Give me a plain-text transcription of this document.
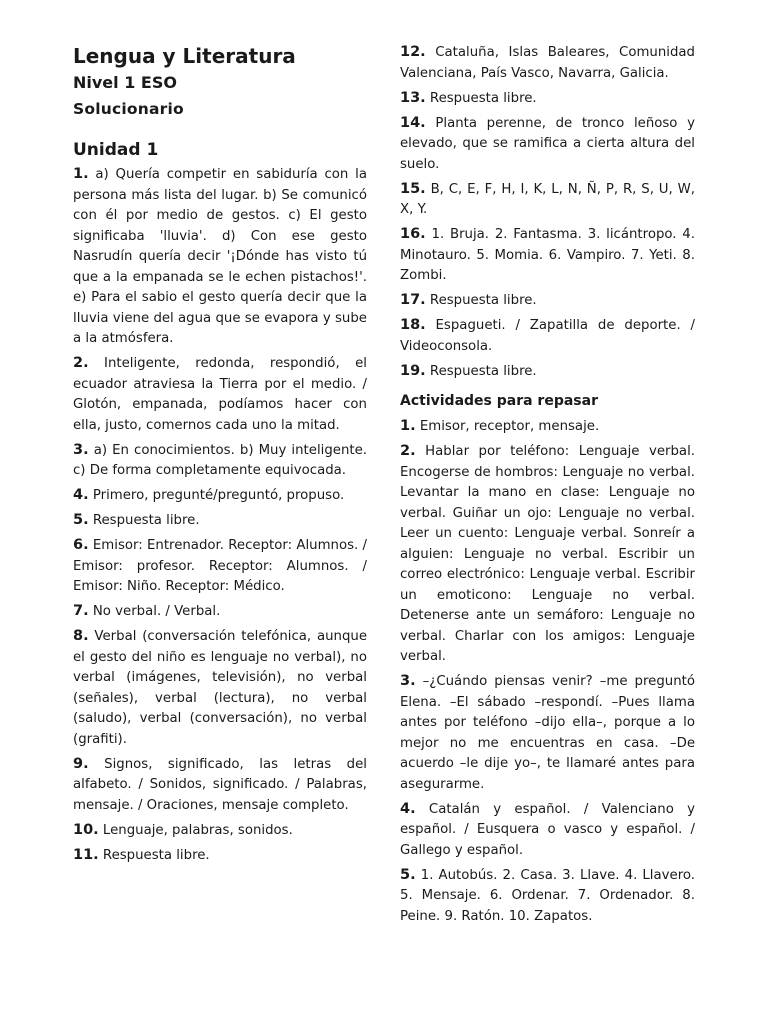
Lengua y Literatura
Nivel 1 ESO
Solucionario
Unidad 1
1. a) Quería competir en sabiduría con la persona más lista del lugar. b) Se comunicó con él por medio de gestos. c) El gesto significaba 'lluvia'. d) Con ese gesto Nasrudín quería decir '¡Dónde has visto tú que a la empanada se le echen pistachos!'. e) Para el sabio el gesto quería decir que la lluvia viene del agua que se evapora y sube a la atmósfera.
2. Inteligente, redonda, respondió, el ecuador atraviesa la Tierra por el medio. / Glotón, empanada, podíamos hacer con ella, justo, comernos cada uno la mitad.
3. a) En conocimientos. b) Muy inteligente. c) De forma completamente equivocada.
4. Primero, pregunté/preguntó, propuso.
5. Respuesta libre.
6. Emisor: Entrenador. Receptor: Alumnos. / Emisor: profesor. Receptor: Alumnos. / Emisor: Niño. Receptor: Médico.
7. No verbal. / Verbal.
8. Verbal (conversación telefónica, aunque el gesto del niño es lenguaje no verbal), no verbal (imágenes, televisión), no verbal (señales), verbal (lectura), no verbal (saludo), verbal (conversación), no verbal (grafiti).
9. Signos, significado, las letras del alfabeto. / Sonidos, significado. / Palabras, mensaje. / Oraciones, mensaje completo.
10. Lenguaje, palabras, sonidos.
11. Respuesta libre.
12. Cataluña, Islas Baleares, Comunidad Valenciana, País Vasco, Navarra, Galicia.
13. Respuesta libre.
14. Planta perenne, de tronco leñoso y elevado, que se ramifica a cierta altura del suelo.
15. B, C, E, F, H, I, K, L, N, Ñ, P, R, S, U, W, X, Y.
16. 1. Bruja. 2. Fantasma. 3. licántropo. 4. Minotauro. 5. Momia. 6. Vampiro. 7. Yeti. 8. Zombi.
17. Respuesta libre.
18. Espagueti. / Zapatilla de deporte. / Videoconsola.
19. Respuesta libre.
Actividades para repasar
1. Emisor, receptor, mensaje.
2. Hablar por teléfono: Lenguaje verbal. Encogerse de hombros: Lenguaje no verbal. Levantar la mano en clase: Lenguaje no verbal. Guiñar un ojo: Lenguaje no verbal. Leer un cuento: Lenguaje verbal. Sonreír a alguien: Lenguaje no verbal. Escribir un correo electrónico: Lenguaje verbal. Escribir un emoticono: Lenguaje no verbal. Detenerse ante un semáforo: Lenguaje no verbal. Charlar con los amigos: Lenguaje verbal.
3. –¿Cuándo piensas venir? –me preguntó Elena. –El sábado –respondí. –Pues llama antes por teléfono –dijo ella–, porque a lo mejor no me encuentras en casa. –De acuerdo –le dije yo–, te llamaré antes para asegurarme.
4. Catalán y español. / Valenciano y español. / Eusquera o vasco y español. / Gallego y español.
5. 1. Autobús. 2. Casa. 3. Llave. 4. Llavero. 5. Mensaje. 6. Ordenar. 7. Ordenador. 8. Peine. 9. Ratón. 10. Zapatos.
